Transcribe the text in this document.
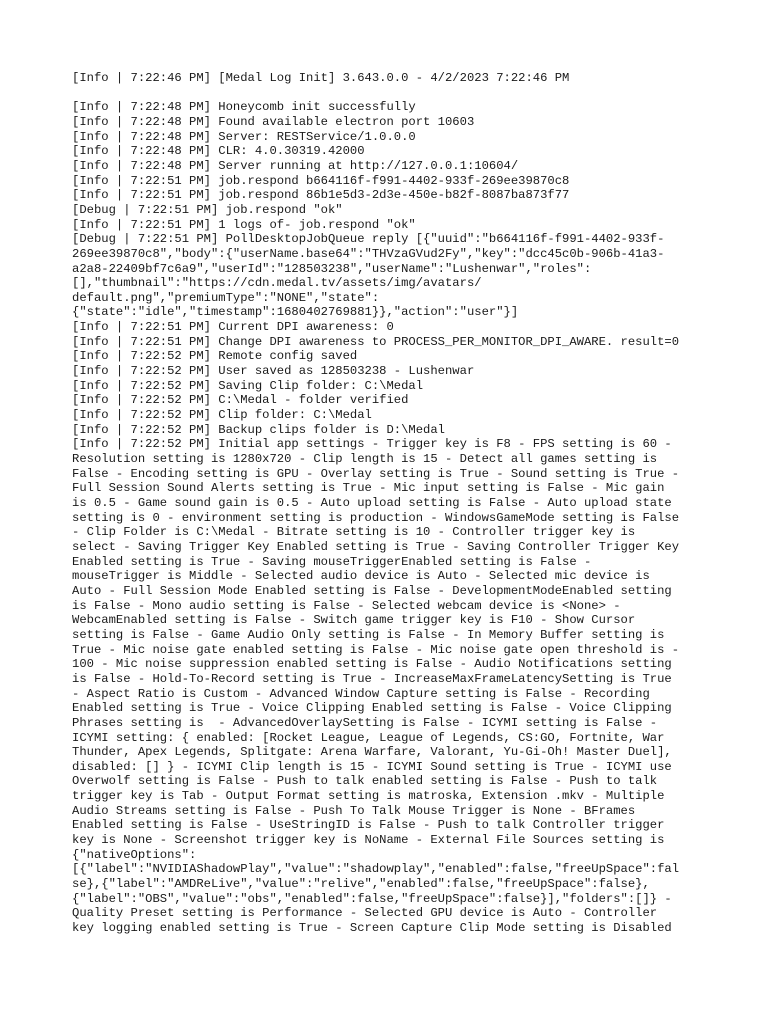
[Info | 7:22:46 PM] [Medal Log Init] 3.643.0.0 - 4/2/2023 7:22:46 PM
[Info | 7:22:48 PM] Honeycomb init successfully
[Info | 7:22:48 PM] Found available electron port 10603
[Info | 7:22:48 PM] Server: RESTService/1.0.0.0
[Info | 7:22:48 PM] CLR: 4.0.30319.42000
[Info | 7:22:48 PM] Server running at http://127.0.0.1:10604/
[Info | 7:22:51 PM] job.respond b664116f-f991-4402-933f-269ee39870c8
[Info | 7:22:51 PM] job.respond 86b1e5d3-2d3e-450e-b82f-8087ba873f77
[Debug | 7:22:51 PM] job.respond "ok"
[Info | 7:22:51 PM] 1 logs of- job.respond "ok"
[Debug | 7:22:51 PM] PollDesktopJobQueue reply [{"uuid":"b664116f-f991-4402-933f-
269ee39870c8","body":{"userName.base64":"THVzaGVud2Fy","key":"dcc45c0b-906b-41a3-
a2a8-22409bf7c6a9","userId":"128503238","userName":"Lushenwar","roles":
[],"thumbnail":"https://cdn.medal.tv/assets/img/avatars/
default.png","premiumType":"NONE","state":
{"state":"idle","timestamp":1680402769881}},"action":"user"}]
[Info | 7:22:51 PM] Current DPI awareness: 0
[Info | 7:22:51 PM] Change DPI awareness to PROCESS_PER_MONITOR_DPI_AWARE. result=0
[Info | 7:22:52 PM] Remote config saved
[Info | 7:22:52 PM] User saved as 128503238 - Lushenwar
[Info | 7:22:52 PM] Saving Clip folder: C:\Medal
[Info | 7:22:52 PM] C:\Medal - folder verified
[Info | 7:22:52 PM] Clip folder: C:\Medal
[Info | 7:22:52 PM] Backup clips folder is D:\Medal
[Info | 7:22:52 PM] Initial app settings - Trigger key is F8 - FPS setting is 60 -
Resolution setting is 1280x720 - Clip length is 15 - Detect all games setting is
False - Encoding setting is GPU - Overlay setting is True - Sound setting is True -
Full Session Sound Alerts setting is True - Mic input setting is False - Mic gain
is 0.5 - Game sound gain is 0.5 - Auto upload setting is False - Auto upload state
setting is 0 - environment setting is production - WindowsGameMode setting is False
- Clip Folder is C:\Medal - Bitrate setting is 10 - Controller trigger key is
select - Saving Trigger Key Enabled setting is True - Saving Controller Trigger Key
Enabled setting is True - Saving mouseTriggerEnabled setting is False -
mouseTrigger is Middle - Selected audio device is Auto - Selected mic device is
Auto - Full Session Mode Enabled setting is False - DevelopmentModeEnabled setting
is False - Mono audio setting is False - Selected webcam device is <None> -
WebcamEnabled setting is False - Switch game trigger key is F10 - Show Cursor
setting is False - Game Audio Only setting is False - In Memory Buffer setting is
True - Mic noise gate enabled setting is False - Mic noise gate open threshold is -
100 - Mic noise suppression enabled setting is False - Audio Notifications setting
is False - Hold-To-Record setting is True - IncreaseMaxFrameLatencySetting is True
- Aspect Ratio is Custom - Advanced Window Capture setting is False - Recording
Enabled setting is True - Voice Clipping Enabled setting is False - Voice Clipping
Phrases setting is  - AdvancedOverlaySetting is False - ICYMI setting is False -
ICYMI setting: { enabled: [Rocket League, League of Legends, CS:GO, Fortnite, War
Thunder, Apex Legends, Splitgate: Arena Warfare, Valorant, Yu-Gi-Oh! Master Duel],
disabled: [] } - ICYMI Clip length is 15 - ICYMI Sound setting is True - ICYMI use
Overwolf setting is False - Push to talk enabled setting is False - Push to talk
trigger key is Tab - Output Format setting is matroska, Extension .mkv - Multiple
Audio Streams setting is False - Push To Talk Mouse Trigger is None - BFrames
Enabled setting is False - UseStringID is False - Push to talk Controller trigger
key is None - Screenshot trigger key is NoName - External File Sources setting is
{"nativeOptions":
[{"label":"NVIDIAShadowPlay","value":"shadowplay","enabled":false,"freeUpSpace":fal
se},{"label":"AMDReLive","value":"relive","enabled":false,"freeUpSpace":false},
{"label":"OBS","value":"obs","enabled":false,"freeUpSpace":false}],"folders":[]} -
Quality Preset setting is Performance - Selected GPU device is Auto - Controller
key logging enabled setting is True - Screen Capture Clip Mode setting is Disabled
